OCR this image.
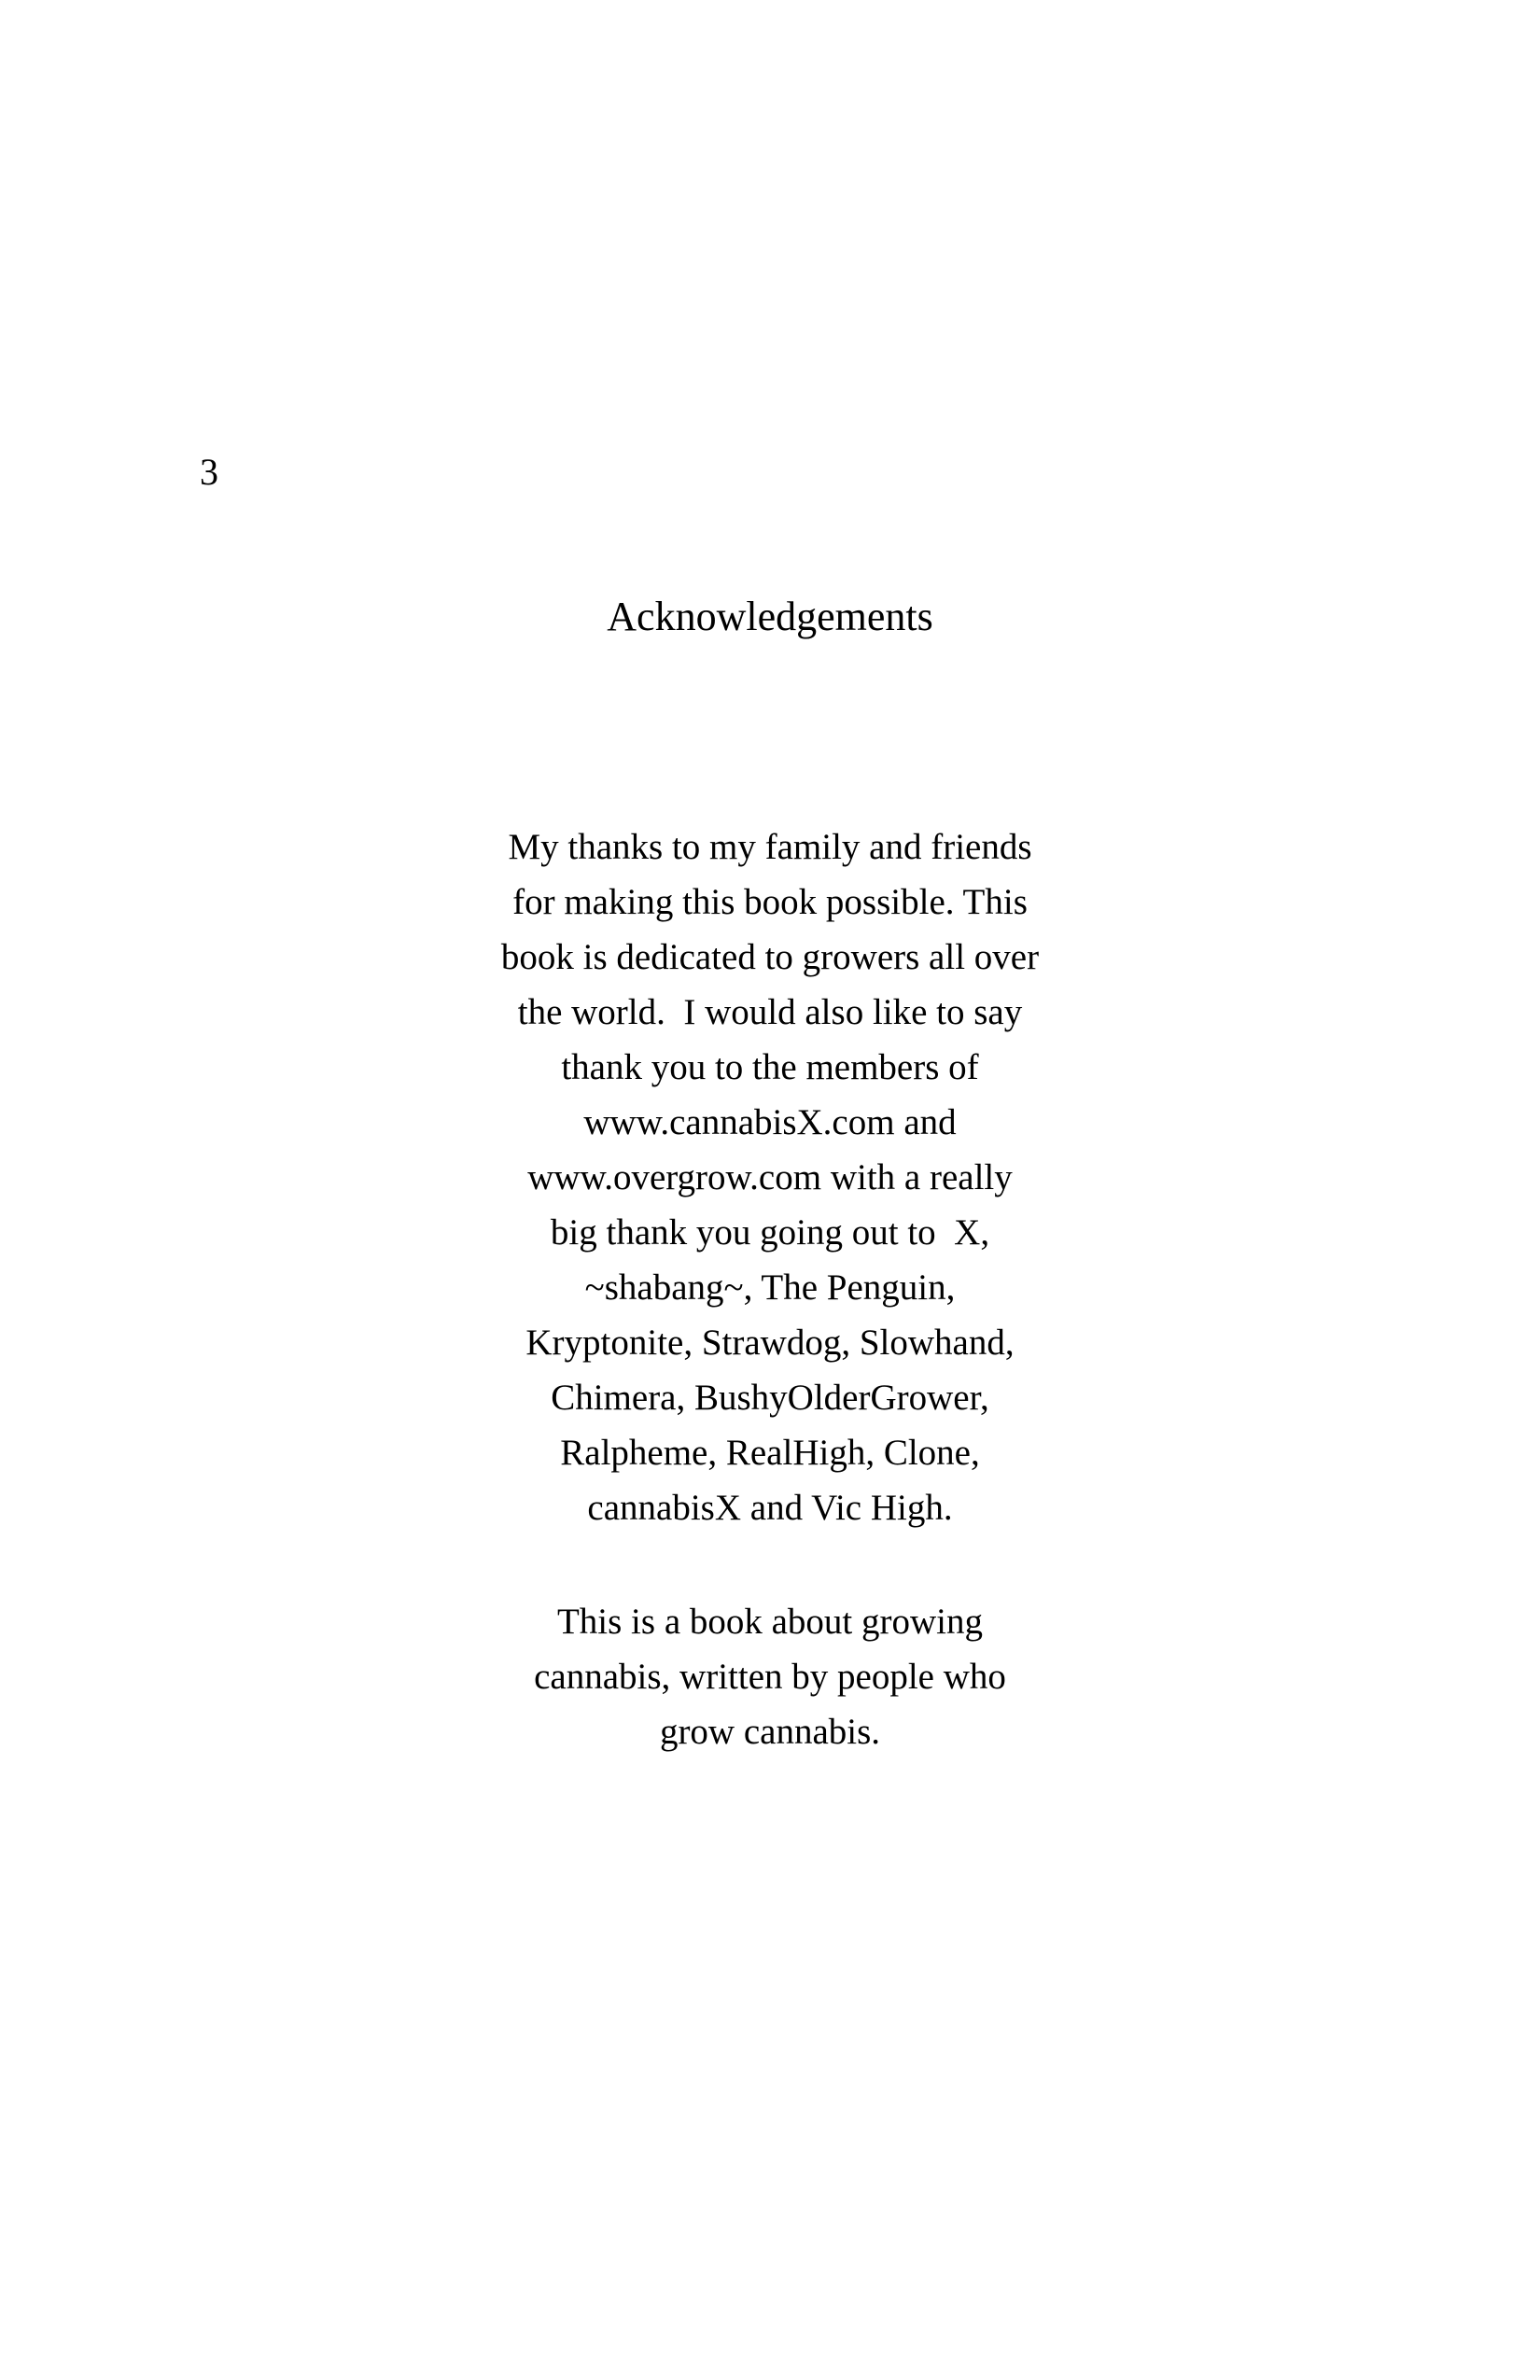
3
Acknowledgements

My thanks to my family and friends
for making this book possible. This
book is dedicated to growers all over
the world.  I would also like to say
thank you to the members of
www.cannabisX.com and
www.overgrow.com with a really
big thank you going out to  X,
~shabang~, The Penguin,
Kryptonite, Strawdog, Slowhand,
Chimera, BushyOlderGrower,
Ralpheme, RealHigh, Clone,
cannabisX and Vic High.

This is a book about growing
cannabis, written by people who
grow cannabis.
